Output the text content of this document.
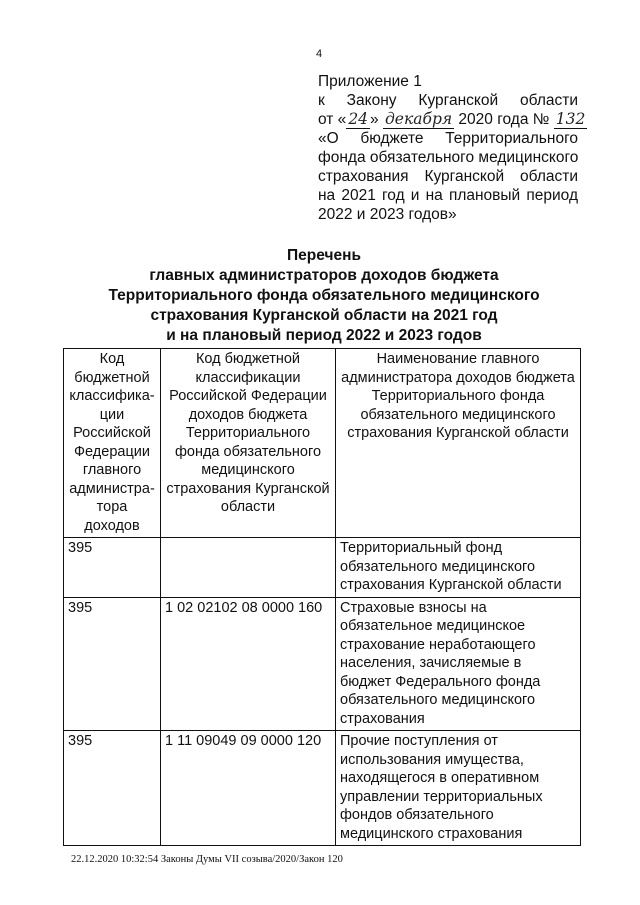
4
Приложение 1
к Закону Курганской области
от « 24 » декабря 2020 года № 132
«О бюджете Территориального
фонда обязательного медицинского
страхования Курганской области
на 2021 год и на плановый период
2022 и 2023 годов»
Перечень
главных администраторов доходов бюджета
Территориального фонда обязательного медицинского
страхования Курганской области на 2021 год
и на плановый период 2022 и 2023 годов
Код бюджетной классифика-ции Российской Федерации главного администра-тора доходов	Код бюджетной классификации Российской Федерации доходов бюджета Территориального фонда обязательного медицинского страхования Курганской области	Наименование главного администратора доходов бюджета Территориального фонда обязательного медицинского страхования Курганской области
395		Территориальный фонд обязательного медицинского страхования Курганской области
395	1 02 02102 08 0000 160	Страховые взносы на обязательное медицинское страхование неработающего населения, зачисляемые в бюджет Федерального фонда обязательного медицинского страхования
395	1 11 09049 09 0000 120	Прочие поступления от использования имущества, находящегося в оперативном управлении территориальных фондов обязательного медицинского страхования
22.12.2020 10:32:54 Законы Думы VII созыва/2020/Закон 120
